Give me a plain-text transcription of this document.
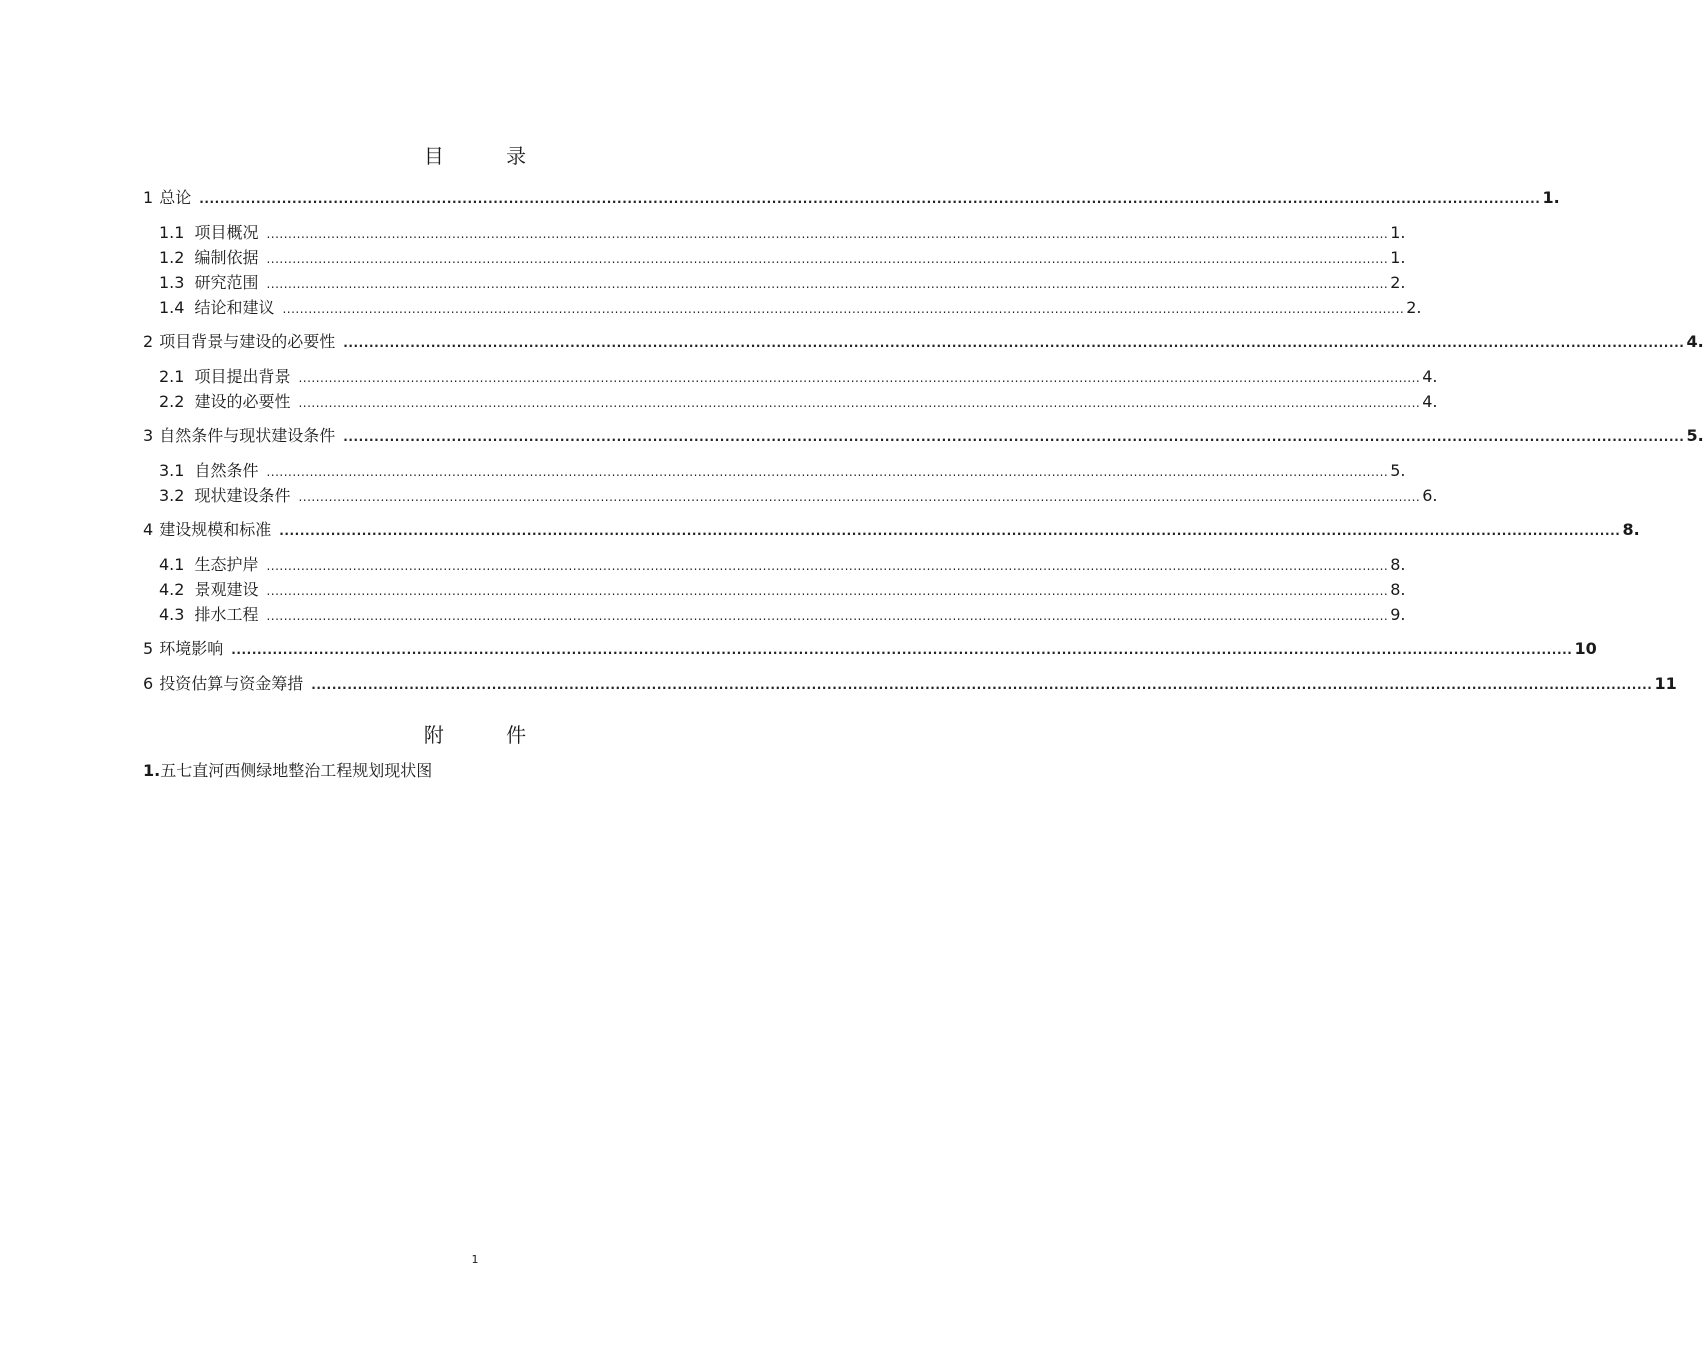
目 录
1 总论 .................................................................................................................................................................................................................................................................... 1.
1.1 项目概况 .................................................................................................................................................................................................................................................................... 1.
1.2 编制依据 .................................................................................................................................................................................................................................................................... 1.
1.3 研究范围 .................................................................................................................................................................................................................................................................... 2.
1.4 结论和建议 .................................................................................................................................................................................................................................................................... 2.
2 项目背景与建设的必要性 .................................................................................................................................................................................................................................................................... 4.
2.1 项目提出背景 .................................................................................................................................................................................................................................................................... 4.
2.2 建设的必要性 .................................................................................................................................................................................................................................................................... 4.
3 自然条件与现状建设条件 .................................................................................................................................................................................................................................................................... 5.
3.1 自然条件 .................................................................................................................................................................................................................................................................... 5.
3.2 现状建设条件 .................................................................................................................................................................................................................................................................... 6.
4 建设规模和标准 .................................................................................................................................................................................................................................................................... 8.
4.1 生态护岸 .................................................................................................................................................................................................................................................................... 8.
4.2 景观建设 .................................................................................................................................................................................................................................................................... 8.
4.3 排水工程 .................................................................................................................................................................................................................................................................... 9.
5 环境影响 .................................................................................................................................................................................................................................................................... 10
6 投资估算与资金筹措 .................................................................................................................................................................................................................................................................... 11
附 件
1.五七直河西侧绿地整治工程规划现状图
1
